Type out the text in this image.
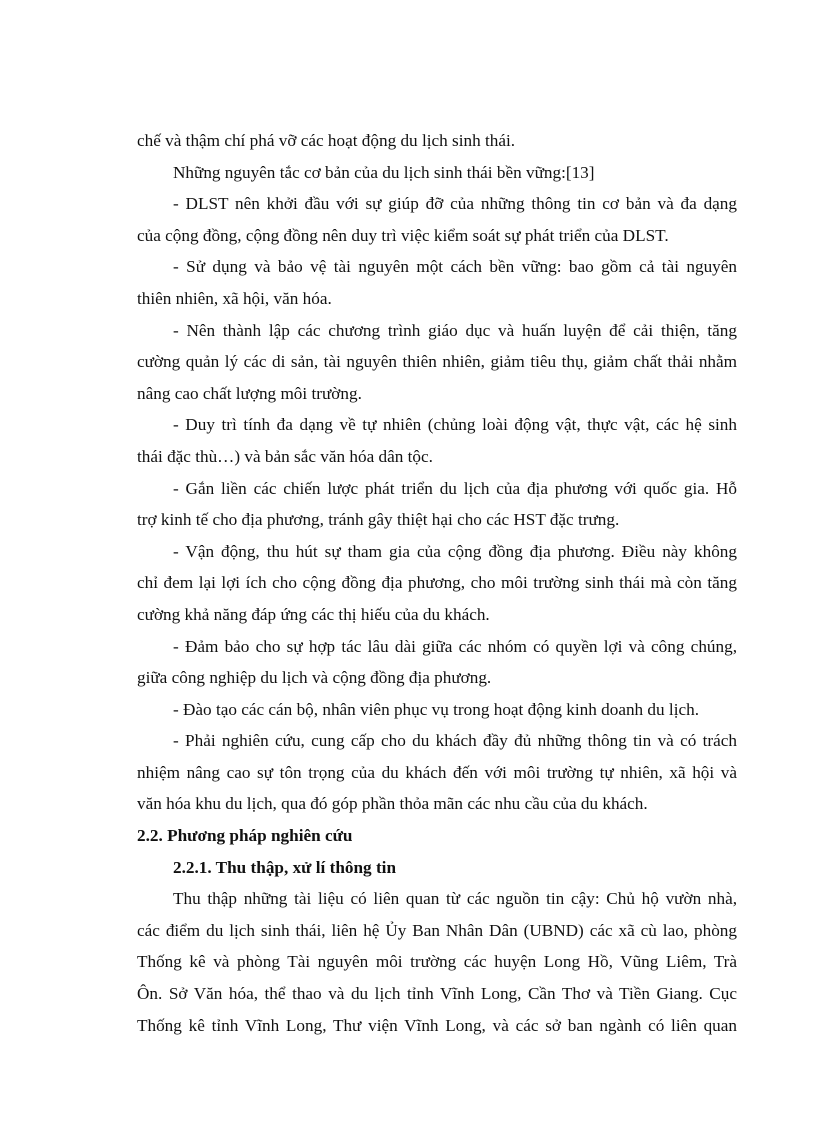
chế và thậm chí phá vỡ các hoạt động du lịch sinh thái.
Những nguyên tắc cơ bản của du lịch sinh thái bền vững:[13]
- DLST nên khởi đầu với sự giúp đỡ của những thông tin cơ bản và đa dạng
của cộng đồng, cộng đồng nên duy trì việc kiểm soát sự phát triển của DLST.
- Sử dụng và bảo vệ tài nguyên một cách bền vững: bao gồm cả tài nguyên
thiên nhiên, xã hội, văn hóa.
- Nên thành lập các chương trình giáo dục và huấn luyện để cải thiện, tăng
cường quản lý các di sản, tài nguyên thiên nhiên, giảm tiêu thụ, giảm chất thải nhằm
nâng cao chất lượng môi trường.
- Duy trì tính đa dạng về tự nhiên (chủng loài động vật, thực vật, các hệ sinh
thái đặc thù…) và bản sắc văn hóa dân tộc.
- Gắn liền các chiến lược phát triển du lịch của địa phương với quốc gia. Hỗ
trợ kinh tế cho địa phương, tránh gây thiệt hại cho các HST đặc trưng.
- Vận động, thu hút sự tham gia của cộng đồng địa phương. Điều này không
chỉ đem lại lợi ích cho cộng đồng địa phương, cho môi trường sinh thái mà còn tăng
cường khả năng đáp ứng các thị hiếu của du khách.
- Đảm bảo cho sự hợp tác lâu dài giữa các nhóm có quyền lợi và công chúng,
giữa công nghiệp du lịch và cộng đồng địa phương.
- Đào tạo các cán bộ, nhân viên phục vụ trong hoạt động kinh doanh du lịch.
- Phải nghiên cứu, cung cấp cho du khách đầy đủ những thông tin và có trách
nhiệm nâng cao sự tôn trọng của du khách đến với môi trường tự nhiên, xã hội và
văn hóa khu du lịch, qua đó góp phần thỏa mãn các nhu cầu của du khách.
2.2. Phương pháp nghiên cứu
2.2.1. Thu thập, xử lí thông tin
Thu thập những tài liệu có liên quan từ các nguồn tin cậy: Chủ hộ vườn nhà,
các điểm du lịch sinh thái, liên hệ Ủy Ban Nhân Dân (UBND) các xã cù lao, phòng
Thống kê và phòng Tài nguyên môi trường các huyện Long Hồ, Vũng Liêm, Trà
Ôn. Sở Văn hóa, thể thao và du lịch tỉnh Vĩnh Long, Cần Thơ và Tiền Giang. Cục
Thống kê tỉnh Vĩnh Long, Thư viện Vĩnh Long, và các sở ban ngành có liên quan
